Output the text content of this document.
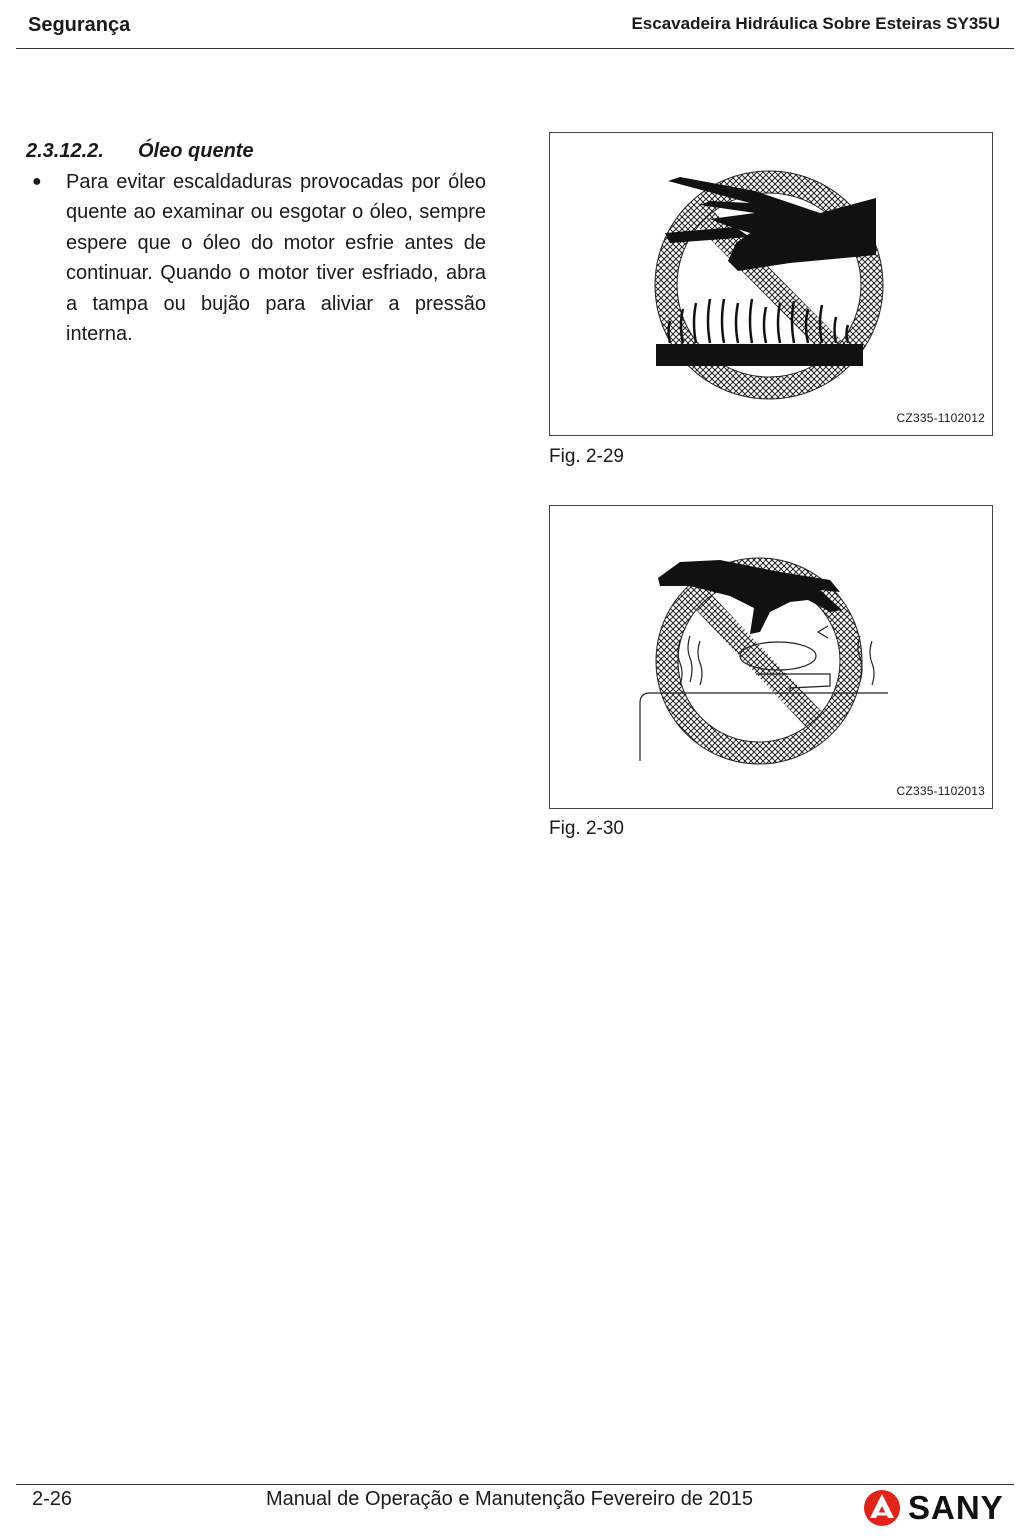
Segurança	Escavadeira Hidráulica Sobre Esteiras SY35U
2.3.12.2. Óleo quente
● Para evitar escaldaduras provocadas por óleo quente ao examinar ou esgotar o óleo, sempre espere que o óleo do motor esfrie antes de continuar. Quando o motor tiver esfriado, abra a tampa ou bujão para aliviar a pressão interna.
CZ335-1102012
Fig. 2-29
CZ335-1102013
Fig. 2-30
2-26	Manual de Operação e Manutenção Fevereiro de 2015	SANY
